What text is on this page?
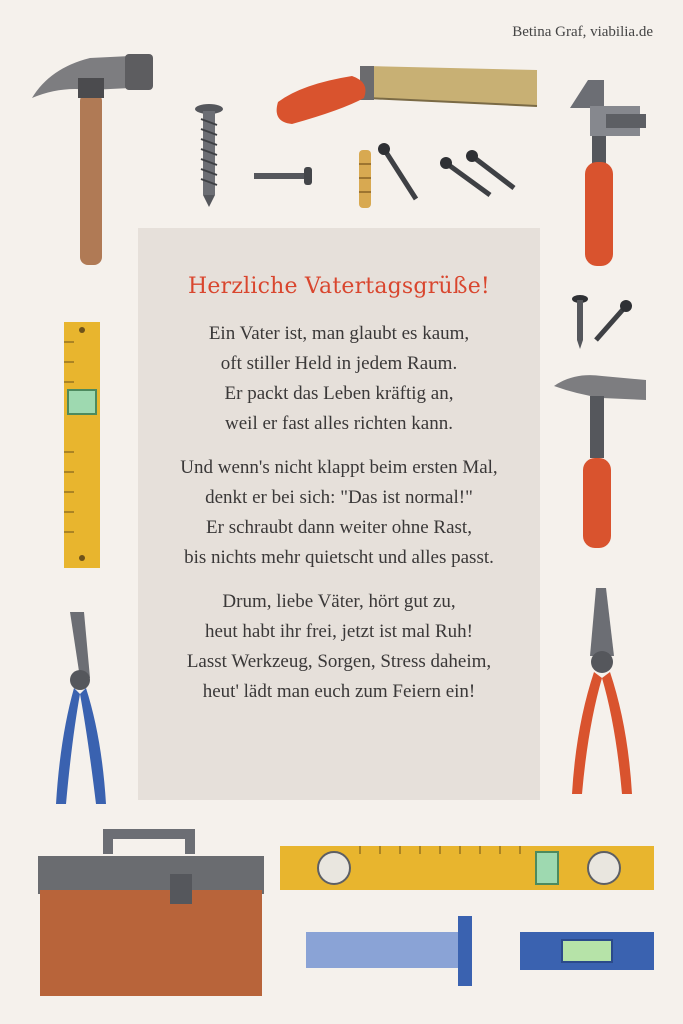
Betina Graf, viabilia.de
Herzliche Vatertagsgrüße!
Ein Vater ist, man glaubt es kaum,
oft stiller Held in jedem Raum.
Er packt das Leben kräftig an,
weil er fast alles richten kann.
Und wenn's nicht klappt beim ersten Mal,
denkt er bei sich: "Das ist normal!"
Er schraubt dann weiter ohne Rast,
bis nichts mehr quietscht und alles passt.
Drum, liebe Väter, hört gut zu,
heut habt ihr frei, jetzt ist mal Ruh!
Lasst Werkzeug, Sorgen, Stress daheim,
heut' lädt man euch zum Feiern ein!
